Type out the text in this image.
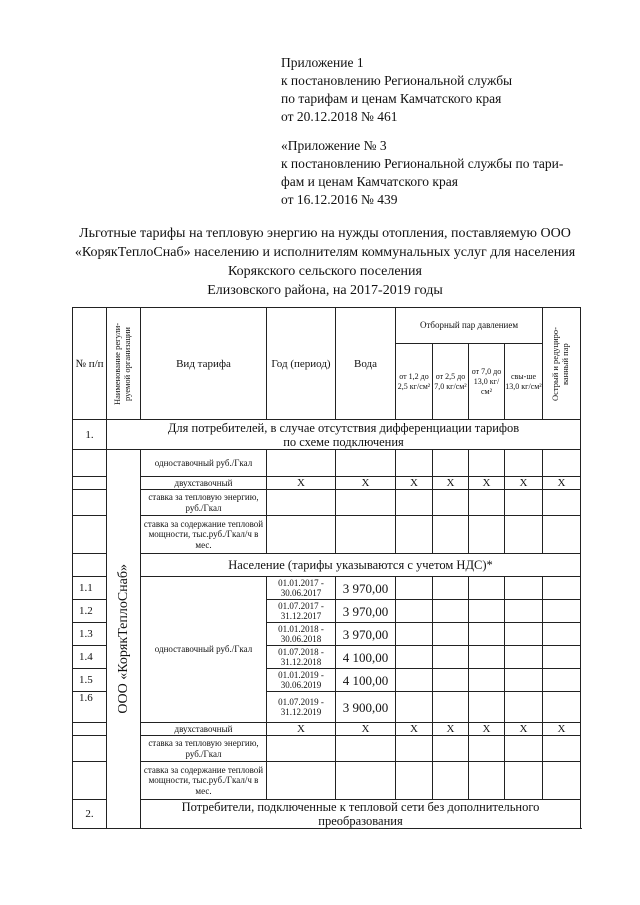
Приложение 1
к постановлению Региональной службы
по тарифам и ценам Камчатского края
от 20.12.2018 № 461
«Приложение № 3
к постановлению Региональной службы по тари-
фам и ценам Камчатского края
от 16.12.2016 № 439
Льготные тарифы на тепловую энергию на нужды отопления, поставляемую ООО
«КорякТеплоСнаб» населению и исполнителям коммунальных услуг для населения
Корякского сельского поселения
Елизовского района, на 2017-2019 годы
№ п/п	Наименование регули-руемой организации	Вид тарифа	Год (период)	Вода	Отборный пар давлением				Острый и редуциро-ванный пар

					от 1,2 до 2,5 кг/см²	от 2,5 до 7,0 кг/см²	от 7,0 до 13,0 кг/см²	свы-ше 13,0 кг/см²	
1.	Для потребителей, в случае отсутствия дифференциации тарифов
по схеме подключения								

	ООО «КорякТеплоСнаб»	одноставочный руб./Гкал							
		двухставочный	X	X	X	X	X	X	X
		ставка за тепловую энергию, руб./Гкал							
		ставка за содержание тепловой мощности, тыс.руб./Гкал/ч в мес.							
		Население (тарифы указываются с учетом НДС)*							
1.1		одноставочный руб./Гкал	01.01.2017 - 30.06.2017	3 970,00					
1.2			01.07.2017 - 31.12.2017	3 970,00					
1.3			01.01.2018 - 30.06.2018	3 970,00					
1.4			01.07.2018 - 31.12.2018	4 100,00					
1.5			01.01.2019 - 30.06.2019	4 100,00					
1.6			01.07.2019 - 31.12.2019	3 900,00					
		двухставочный	X	X	X	X	X	X	X
		ставка за тепловую энергию, руб./Гкал							
		ставка за содержание тепловой мощности, тыс.руб./Гкал/ч в мес.							
2.		Потребители, подключенные к тепловой сети без дополнительного преобразования							
